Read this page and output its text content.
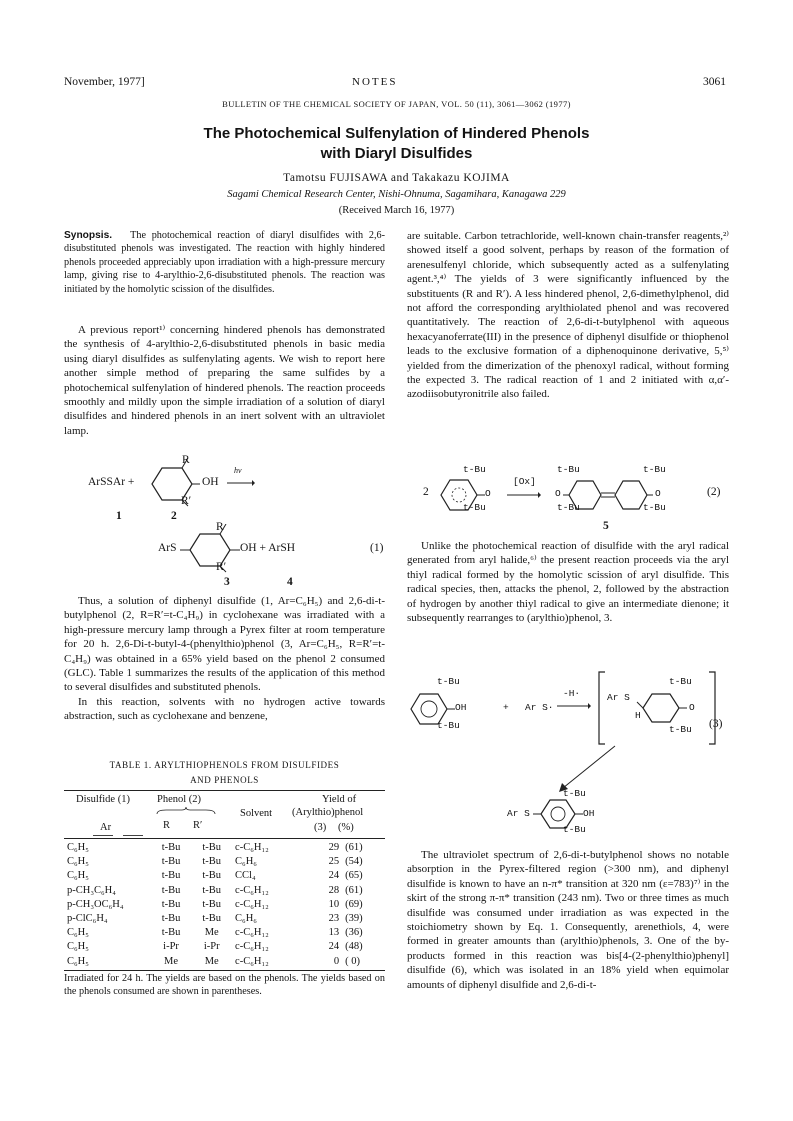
November, 1977]	NOTES	3061
BULLETIN OF THE CHEMICAL SOCIETY OF JAPAN, VOL. 50 (11), 3061—3062 (1977)
The Photochemical Sulfenylation of Hindered Phenols
with Diaryl Disulfides
Tamotsu FUJISAWA and Takakazu KOJIMA
Sagami Chemical Research Center, Nishi-Ohnuma, Sagamihara, Kanagawa 229
(Received March 16, 1977)
Synopsis. The photochemical reaction of diaryl disulfides with 2,6-disubstituted phenols was investigated. The reaction with highly hindered phenols proceeded appreciably upon irradiation with a high-pressure mercury lamp, giving rise to 4-arylthio-2,6-disubstituted phenols. The reaction was initiated by the homolytic scission of the disulfides.

A previous report¹⁾ concerning hindered phenols has demonstrated the synthesis of 4-arylthio-2,6-disubstituted phenols in basic media using diaryl disulfides as sulfenylating agents. We wish to report here another simple method of preparing the same sulfides by a photochemical sulfenylation of hindered phenols. The reaction proceeds smoothly and mildly upon the simple irradiation of a solution of diaryl disulfides and hindered phenols in an inert solvent with an ultraviolet lamp.

ArSSAr +
R
OH
R′
hν
1	2
ArS
R
OH + ArSH
R′
(1)
3	4

Thus, a solution of diphenyl disulfide (1, Ar=C₆H₅) and 2,6-di-t-butylphenol (2, R=R′=t-C₄H₉) in cyclohexane was irradiated with a high-pressure mercury lamp through a Pyrex filter at room temperature for 20 h. 2,6-Di-t-butyl-4-(phenylthio)phenol (3, Ar=C₆H₅, R=R′=t-C₄H₉) was obtained in a 65% yield based on the phenol 2 consumed (GLC). Table 1 summarizes the results of the application of this method to several disulfides and substituted phenols.

In this reaction, solvents with no hydrogen active towards abstraction, such as cyclohexane and benzene,

TABLE 1. ARYLTHIOPHENOLS FROM DISULFIDES
AND PHENOLS
Disulfide (1)	Phenol (2)
Solvent
Yield of
(Arylthio)phenol
Ar	R R′	(3) (%)
C₆H₅	t-Bu	t-Bu	c-C₆H₁₂	29	(61)
C₆H₅	t-Bu	t-Bu	C₆H₆	25	(54)
C₆H₅	t-Bu	t-Bu	CCl₄	24	(65)
p-CH₃C₆H₄	t-Bu	t-Bu	c-C₆H₁₂	28	(61)
p-CH₃OC₆H₄	t-Bu	t-Bu	c-C₆H₁₂	10	(69)
p-ClC₆H₄	t-Bu	t-Bu	C₆H₆	23	(39)
C₆H₅	t-Bu	Me	c-C₆H₁₂	13	(36)
C₆H₅	i-Pr	i-Pr	c-C₆H₁₂	24	(48)
C₆H₅	Me	Me	c-C₆H₁₂	0	( 0)
Irradiated for 24 h. The yields are based on the phenols. The yields based on the phenols consumed are shown in parentheses.
are suitable. Carbon tetrachloride, well-known chain-transfer reagents,²⁾ showed itself a good solvent, perhaps by reason of the formation of arenesulfenyl chloride, which subsequently acted as a sulfenylating agent.³,⁴⁾ The yields of 3 were significantly influenced by the substituents (R and R′). A less hindered phenol, 2,6-dimethylphenol, did not afford the corresponding arylthiolated phenol and was recovered quantitatively. The reaction of 2,6-di-t-butylphenol with aqueous hexacyanoferrate(III) in the presence of diphenyl disulfide or thiophenol leads to the exclusive formation of a diphenoquinone derivative, 5,⁵⁾ yielded from the dimerization of the phenoxyl radical, without forming the expected 3. The radical reaction of 1 and 2 initiated with α,α′-azodiisobutyronitrile also failed.
2
t-Bu
O
t-Bu
[Ox]
t-Bu	t-Bu
O	O
t-Bu	t-Bu
(2)
5

Unlike the photochemical reaction of disulfide with the aryl radical generated from aryl halide,⁶⁾ the present reaction proceeds via the aryl thiyl radical formed by the homolytic scission of aryl disulfide. This radical species, then, attacks the phenol, 2, followed by the abstraction of hydrogen by another thiyl radical to give an intermediate dienone; it subsequently rearranges to (arylthio)phenol, 3.

t-Bu
OH
t-Bu
+ Ar S·
-H·	Ar S
H
t-Bu
O
t-Bu (3)
Ar S
t-Bu
OH
t-Bu

The ultraviolet spectrum of 2,6-di-t-butylphenol shows no notable absorption in the Pyrex-filtered region (>300 nm), and diphenyl disulfide is known to have an n-π* transition at 320 nm (ε=783)⁷⁾ in the skirt of the strong π-π* transition (243 nm). Two or three times as much disulfide was consumed under irradiation as was expected in the stoichiometry shown by Eq. 1. Consequently, arenethiols, 4, were formed in greater amounts than (arylthio)phenols, 3. One of the by-products formed in this reaction was bis[4-(2-phenylthio)phenyl] disulfide (6), which was isolated in an 18% yield when equimolar amounts of diphenyl disulfide and 2,6-di-t-
